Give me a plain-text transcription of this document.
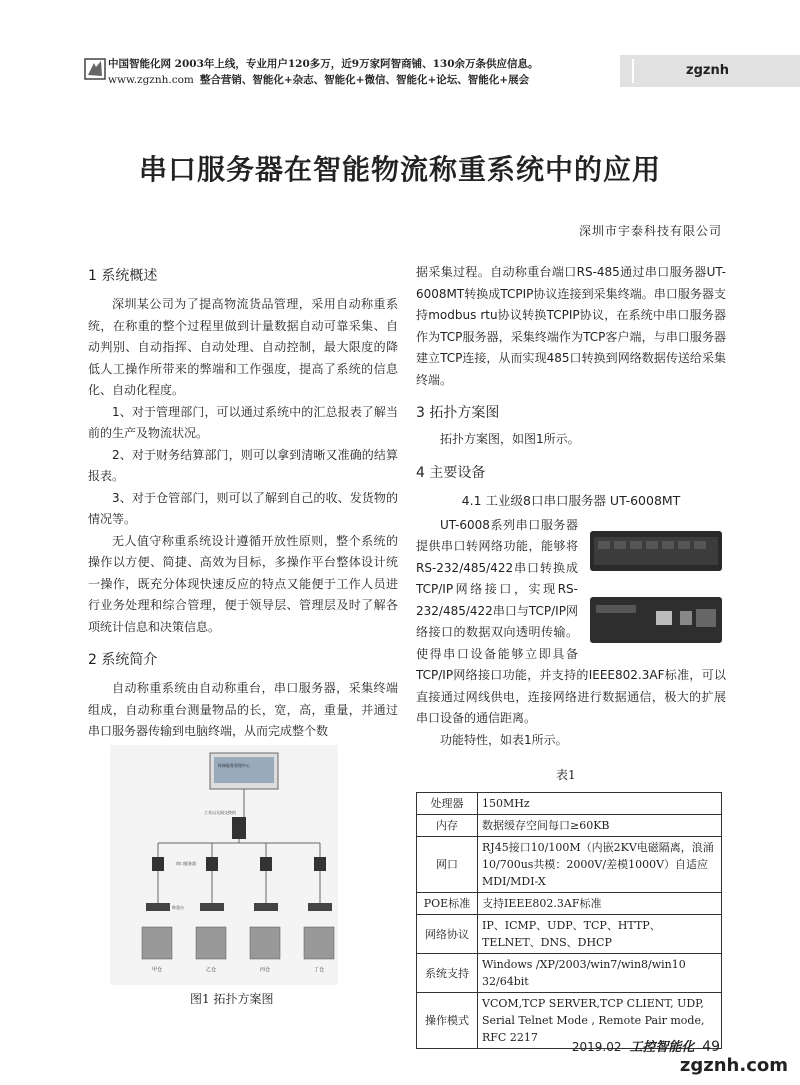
中国智能化网 2003年上线，专业用户120多万，近9万家阿智商铺、130余万条供应信息。
www.zgznh.com 整合营销、智能化+杂志、智能化+微信、智能化+论坛、智能化+展会
zgznh
串口服务器在智能物流称重系统中的应用
深圳市宇泰科技有限公司
1 系统概述

深圳某公司为了提高物流货品管理，采用自动称重系统，在称重的整个过程里做到计量数据自动可靠采集、自动判别、自动指挥、自动处理、自动控制，最大限度的降低人工操作所带来的弊端和工作强度，提高了系统的信息化、自动化程度。

1、对于管理部门，可以通过系统中的汇总报表了解当前的生产及物流状况。

2、对于财务结算部门，则可以拿到清晰又准确的结算报表。

3、对于仓管部门，则可以了解到自己的收、发货物的情况等。

无人值守称重系统设计遵循开放性原则，整个系统的操作以方便、简捷、高效为目标，多操作平台整体设计统一操作，既充分体现快速反应的特点又能便于工作人员进行业务处理和综合管理，便于领导层、管理层及时了解各项统计信息和决策信息。

2 系统简介

自动称重系统由自动称重台，串口服务器，采集终端组成，自动称重台测量物品的长，宽，高，重量，并通过串口服务器传输到电脑终端，从而完成整个数

据采集过程。自动称重台端口RS-485通过串口服务器UT-6008MT转换成TCPIP协议连接到采集终端。串口服务器支持modbus rtu协议转换TCPIP协议，在系统中串口服务器作为TCP服务器，采集终端作为TCP客户端，与串口服务器建立TCP连接，从而实现485口转换到网络数据传送给采集终端。

3 拓扑方案图

拓扑方案图，如图1所示。

4 主要设备
4.1 工业级8口串口服务器 UT-6008MT

UT-6008系列串口服务器提供串口转网络功能，能够将RS-232/485/422串口转换成TCP/IP网络接口，实现RS-232/485/422串口与TCP/IP网络接口的数据双向透明传输。使得串口设备能够立即具备TCP/IP网络接口功能，并支持的IEEE802.3AF标准，可以直接通过网线供电，连接网络进行数据通信，极大的扩展串口设备的通信距离。

功能特性，如表1所示。

终端服务管理中心
工业以太网交换机
串口服务器
称重台
甲仓	乙仓	丙仓	丁仓
图1 拓扑方案图
表1
处理器	150MHz
内存	数据缓存空间每口≥60KB
网口	RJ45接口10/100M（内嵌2KV电磁隔离，浪涌10/700us共模：2000V/差模1000V）自适应MDI/MDI-X
POE标准	支持IEEE802.3AF标准
网络协议	IP、ICMP、UDP、TCP、HTTP、TELNET、DNS、DHCP
系统支持	Windows /XP/2003/win7/win8/win10 32/64bit
操作模式	VCOM,TCP SERVER,TCP CLIENT, UDP, Serial Telnet Mode , Remote Pair mode, RFC 2217
2019.02 工控智能化 49
zgznh.com
